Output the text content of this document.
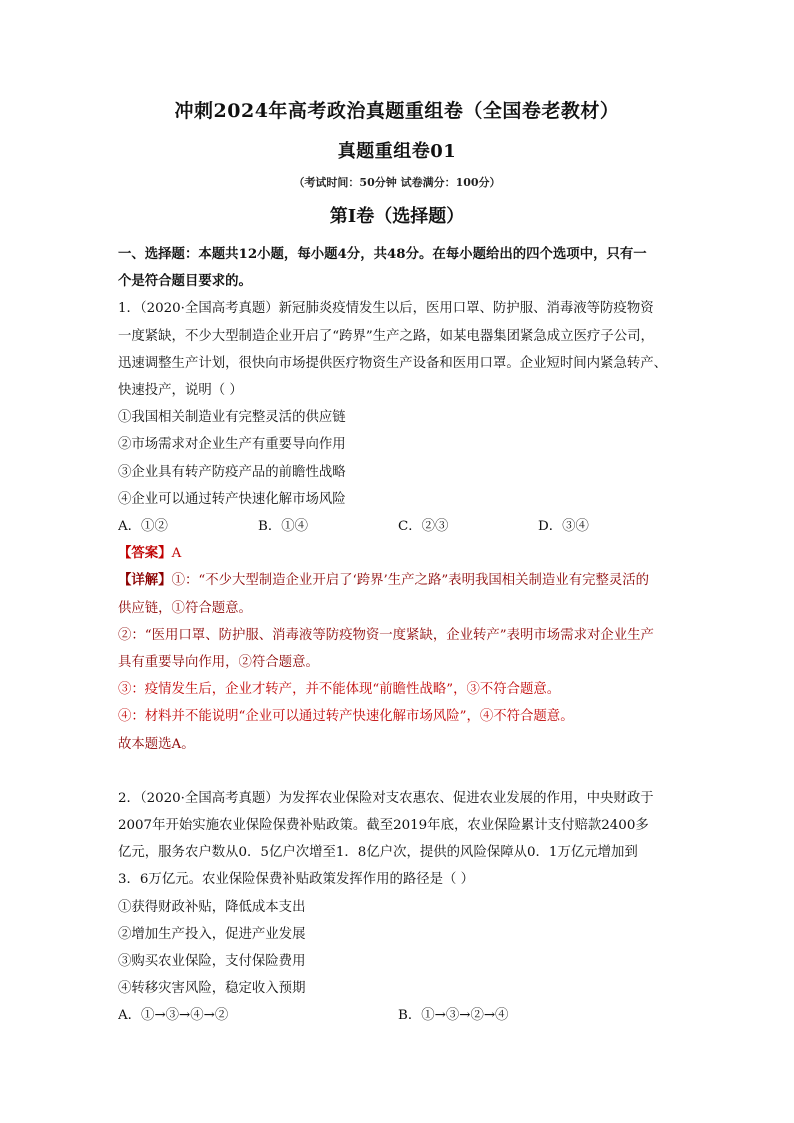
冲刺2024年高考政治真题重组卷（全国卷老教材）
真题重组卷01
（考试时间：50分钟 试卷满分：100分）
第I卷（选择题）
一、选择题：本题共12小题，每小题4分，共48分。在每小题给出的四个选项中，只有一
个是符合题目要求的。
1．（2020·全国高考真题）新冠肺炎疫情发生以后，医用口罩、防护服、消毒液等防疫物资
一度紧缺，不少大型制造企业开启了“跨界”生产之路，如某电器集团紧急成立医疗子公司，
迅速调整生产计划，很快向市场提供医疗物资生产设备和医用口罩。企业短时间内紧急转产、
快速投产，说明（ ）
①我国相关制造业有完整灵活的供应链
②市场需求对企业生产有重要导向作用
③企业具有转产防疫产品的前瞻性战略
④企业可以通过转产快速化解市场风险
A．①②	B．①④	C．②③	D．③④
【答案】A
【详解】①：“不少大型制造企业开启了‘跨界’生产之路”表明我国相关制造业有完整灵活的
供应链，①符合题意。
②：“医用口罩、防护服、消毒液等防疫物资一度紧缺，企业转产”表明市场需求对企业生产
具有重要导向作用，②符合题意。
③：疫情发生后，企业才转产，并不能体现“前瞻性战略”，③不符合题意。
④：材料并不能说明“企业可以通过转产快速化解市场风险”，④不符合题意。
故本题选A。
2．（2020·全国高考真题）为发挥农业保险对支农惠农、促进农业发展的作用，中央财政于
2007年开始实施农业保险保费补贴政策。截至2019年底，农业保险累计支付赔款2400多
亿元，服务农户数从0．5亿户次增至1．8亿户次，提供的风险保障从0．1万亿元增加到
3．6万亿元。农业保险保费补贴政策发挥作用的路径是（ ）
①获得财政补贴，降低成本支出
②增加生产投入，促进产业发展
③购买农业保险，支付保险费用
④转移灾害风险，稳定收入预期
A．①→③→④→②	B．①→③→②→④
